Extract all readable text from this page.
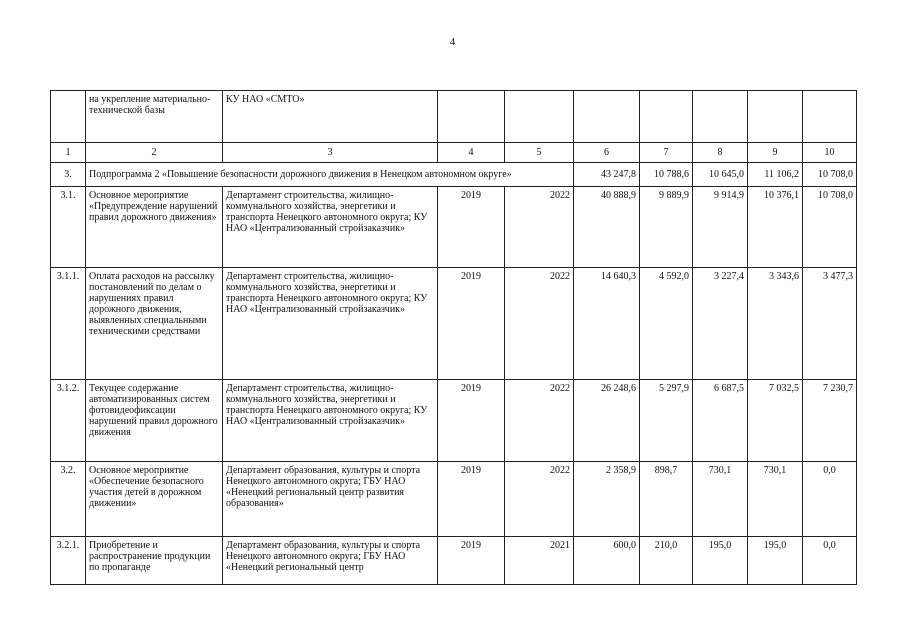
4
	на укрепление материально-технической базы	КУ НАО «СМТО»							
1	2	3	4	5	6	7	8	9	10
3.	Подпрограмма 2 «Повышение безопасности дорожного движения в Ненецком автономном округе»				43 247,8	10 788,6	10 645,0	11 106,2	10 708,0
3.1.	Основное мероприятие «Предупреждение нарушений правил дорожного движения»	Департамент строительства, жилищно-коммунального хозяйства, энергетики и транспорта Ненецкого автономного округа; КУ НАО «Централизованный стройзаказчик»	2019	2022	40 888,9	9 889,9	9 914,9	10 376,1	10 708,0
3.1.1.	Оплата расходов на рассылку постановлений по делам о нарушениях правил дорожного движения, выявленных специальными техническими средствами	Департамент строительства, жилищно-коммунального хозяйства, энергетики и транспорта Ненецкого автономного округа; КУ НАО «Централизованный стройзаказчик»	2019	2022	14 640,3	4 592,0	3 227,4	3 343,6	3 477,3
3.1.2.	Текущее содержание автоматизированных систем фотовидеофиксации нарушений правил дорожного движения	Департамент строительства, жилищно-коммунального хозяйства, энергетики и транспорта Ненецкого автономного округа; КУ НАО «Централизованный стройзаказчик»	2019	2022	26 248,6	5 297,9	6 687,5	7 032,5	7 230,7
3.2.	Основное мероприятие «Обеспечение безопасного участия детей в дорожном движении»	Департамент образования, культуры и спорта Ненецкого автономного округа; ГБУ НАО «Ненецкий региональный центр развития образования»	2019	2022	2 358,9	898,7	730,1	730,1	0,0
3.2.1.	Приобретение и распространение продукции по пропаганде	Департамент образования, культуры и спорта Ненецкого автономного округа; ГБУ НАО «Ненецкий региональный центр	2019	2021	600,0	210,0	195,0	195,0	0,0
